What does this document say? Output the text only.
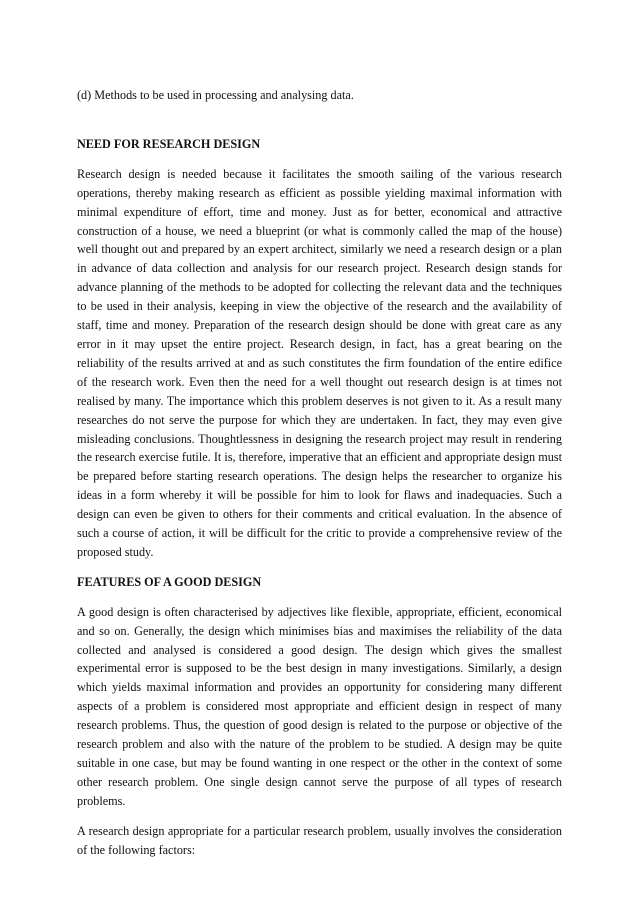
(d) Methods to be used in processing and analysing data.

NEED FOR RESEARCH DESIGN

Research design is needed because it facilitates the smooth sailing of the various research operations, thereby making research as efficient as possible yielding maximal information with minimal expenditure of effort, time and money. Just as for better, economical and attractive construction of a house, we need a blueprint (or what is commonly called the map of the house) well thought out and prepared by an expert architect, similarly we need a research design or a plan in advance of data collection and analysis for our research project. Research design stands for advance planning of the methods to be adopted for collecting the relevant data and the techniques to be used in their analysis, keeping in view the objective of the research and the availability of staff, time and money. Preparation of the research design should be done with great care as any error in it may upset the entire project. Research design, in fact, has a great bearing on the reliability of the results arrived at and as such constitutes the firm foundation of the entire edifice of the research work. Even then the need for a well thought out research design is at times not realised by many. The importance which this problem deserves is not given to it. As a result many researches do not serve the purpose for which they are undertaken. In fact, they may even give misleading conclusions. Thoughtlessness in designing the research project may result in rendering the research exercise futile. It is, therefore, imperative that an efficient and appropriate design must be prepared before starting research operations. The design helps the researcher to organize his ideas in a form whereby it will be possible for him to look for flaws and inadequacies. Such a design can even be given to others for their comments and critical evaluation. In the absence of such a course of action, it will be difficult for the critic to provide a comprehensive review of the proposed study.

FEATURES OF A GOOD DESIGN

A good design is often characterised by adjectives like flexible, appropriate, efficient, economical and so on. Generally, the design which minimises bias and maximises the reliability of the data collected and analysed is considered a good design. The design which gives the smallest experimental error is supposed to be the best design in many investigations. Similarly, a design which yields maximal information and provides an opportunity for considering many different aspects of a problem is considered most appropriate and efficient design in respect of many research problems. Thus, the question of good design is related to the purpose or objective of the research problem and also with the nature of the problem to be studied. A design may be quite suitable in one case, but may be found wanting in one respect or the other in the context of some other research problem. One single design cannot serve the purpose of all types of research problems.

A research design appropriate for a particular research problem, usually involves the consideration of the following factors:
